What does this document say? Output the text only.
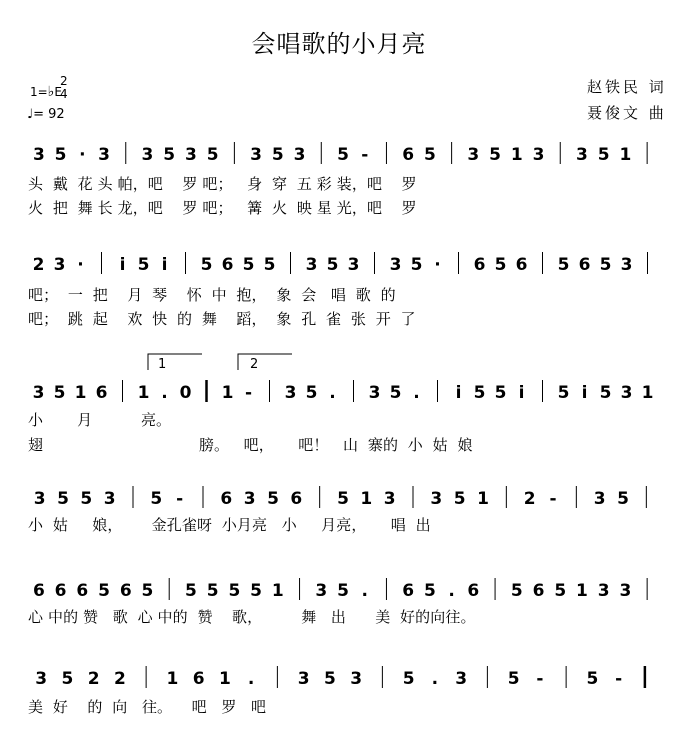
会唱歌的小月亮
赵铁民 词
聂俊文 曲
1=♭E
2
4
♩= 92
3 5 · 3 3 5 3 5 3 5 3 5 - 6 5 3 5 1 3 3 5 1
头  戴  花 头 帕，吧    罗 吧；   身  穿  五 彩 装，吧    罗
火  把  舞 长 龙，吧    罗 吧；   篝  火  映 星 光，吧    罗
2 3 · i 5 i 5 6 5 5 3 5 3 3 5 · 6 5 6 5 6 5 3
吧；  一  把    月  琴    怀  中  抱，  象  会   唱  歌  的
吧；  跳  起    欢  快  的  舞    蹈，  象  孔  雀  张  开  了
3 5 1 6 1 . 0 1 - 3 5 . 3 5 . i 5 5 i 5 i 5 3 1
小       月          亮。
翅                                膀。   吧，     吧！   山  寨的  小  姑  娘
3 5 5 3 5 - 6 3 5 6 5 1 3 3 5 1 2 - 3 5
小  姑     娘，      金孔雀呀  小月亮   小     月亮，     唱  出
6 6 6 5 6 5 5 5 5 5 1 3 5 . 6 5 . 6 5 6 5 1 3 3
心 中的 赞   歌  心 中的  赞    歌，        舞   出      美  好的向往。
3 5 2 2 1 6 1 .	3 5 3 5 . 3 5 -	5 -
美  好    的  向   往。    吧   罗   吧
1	2
